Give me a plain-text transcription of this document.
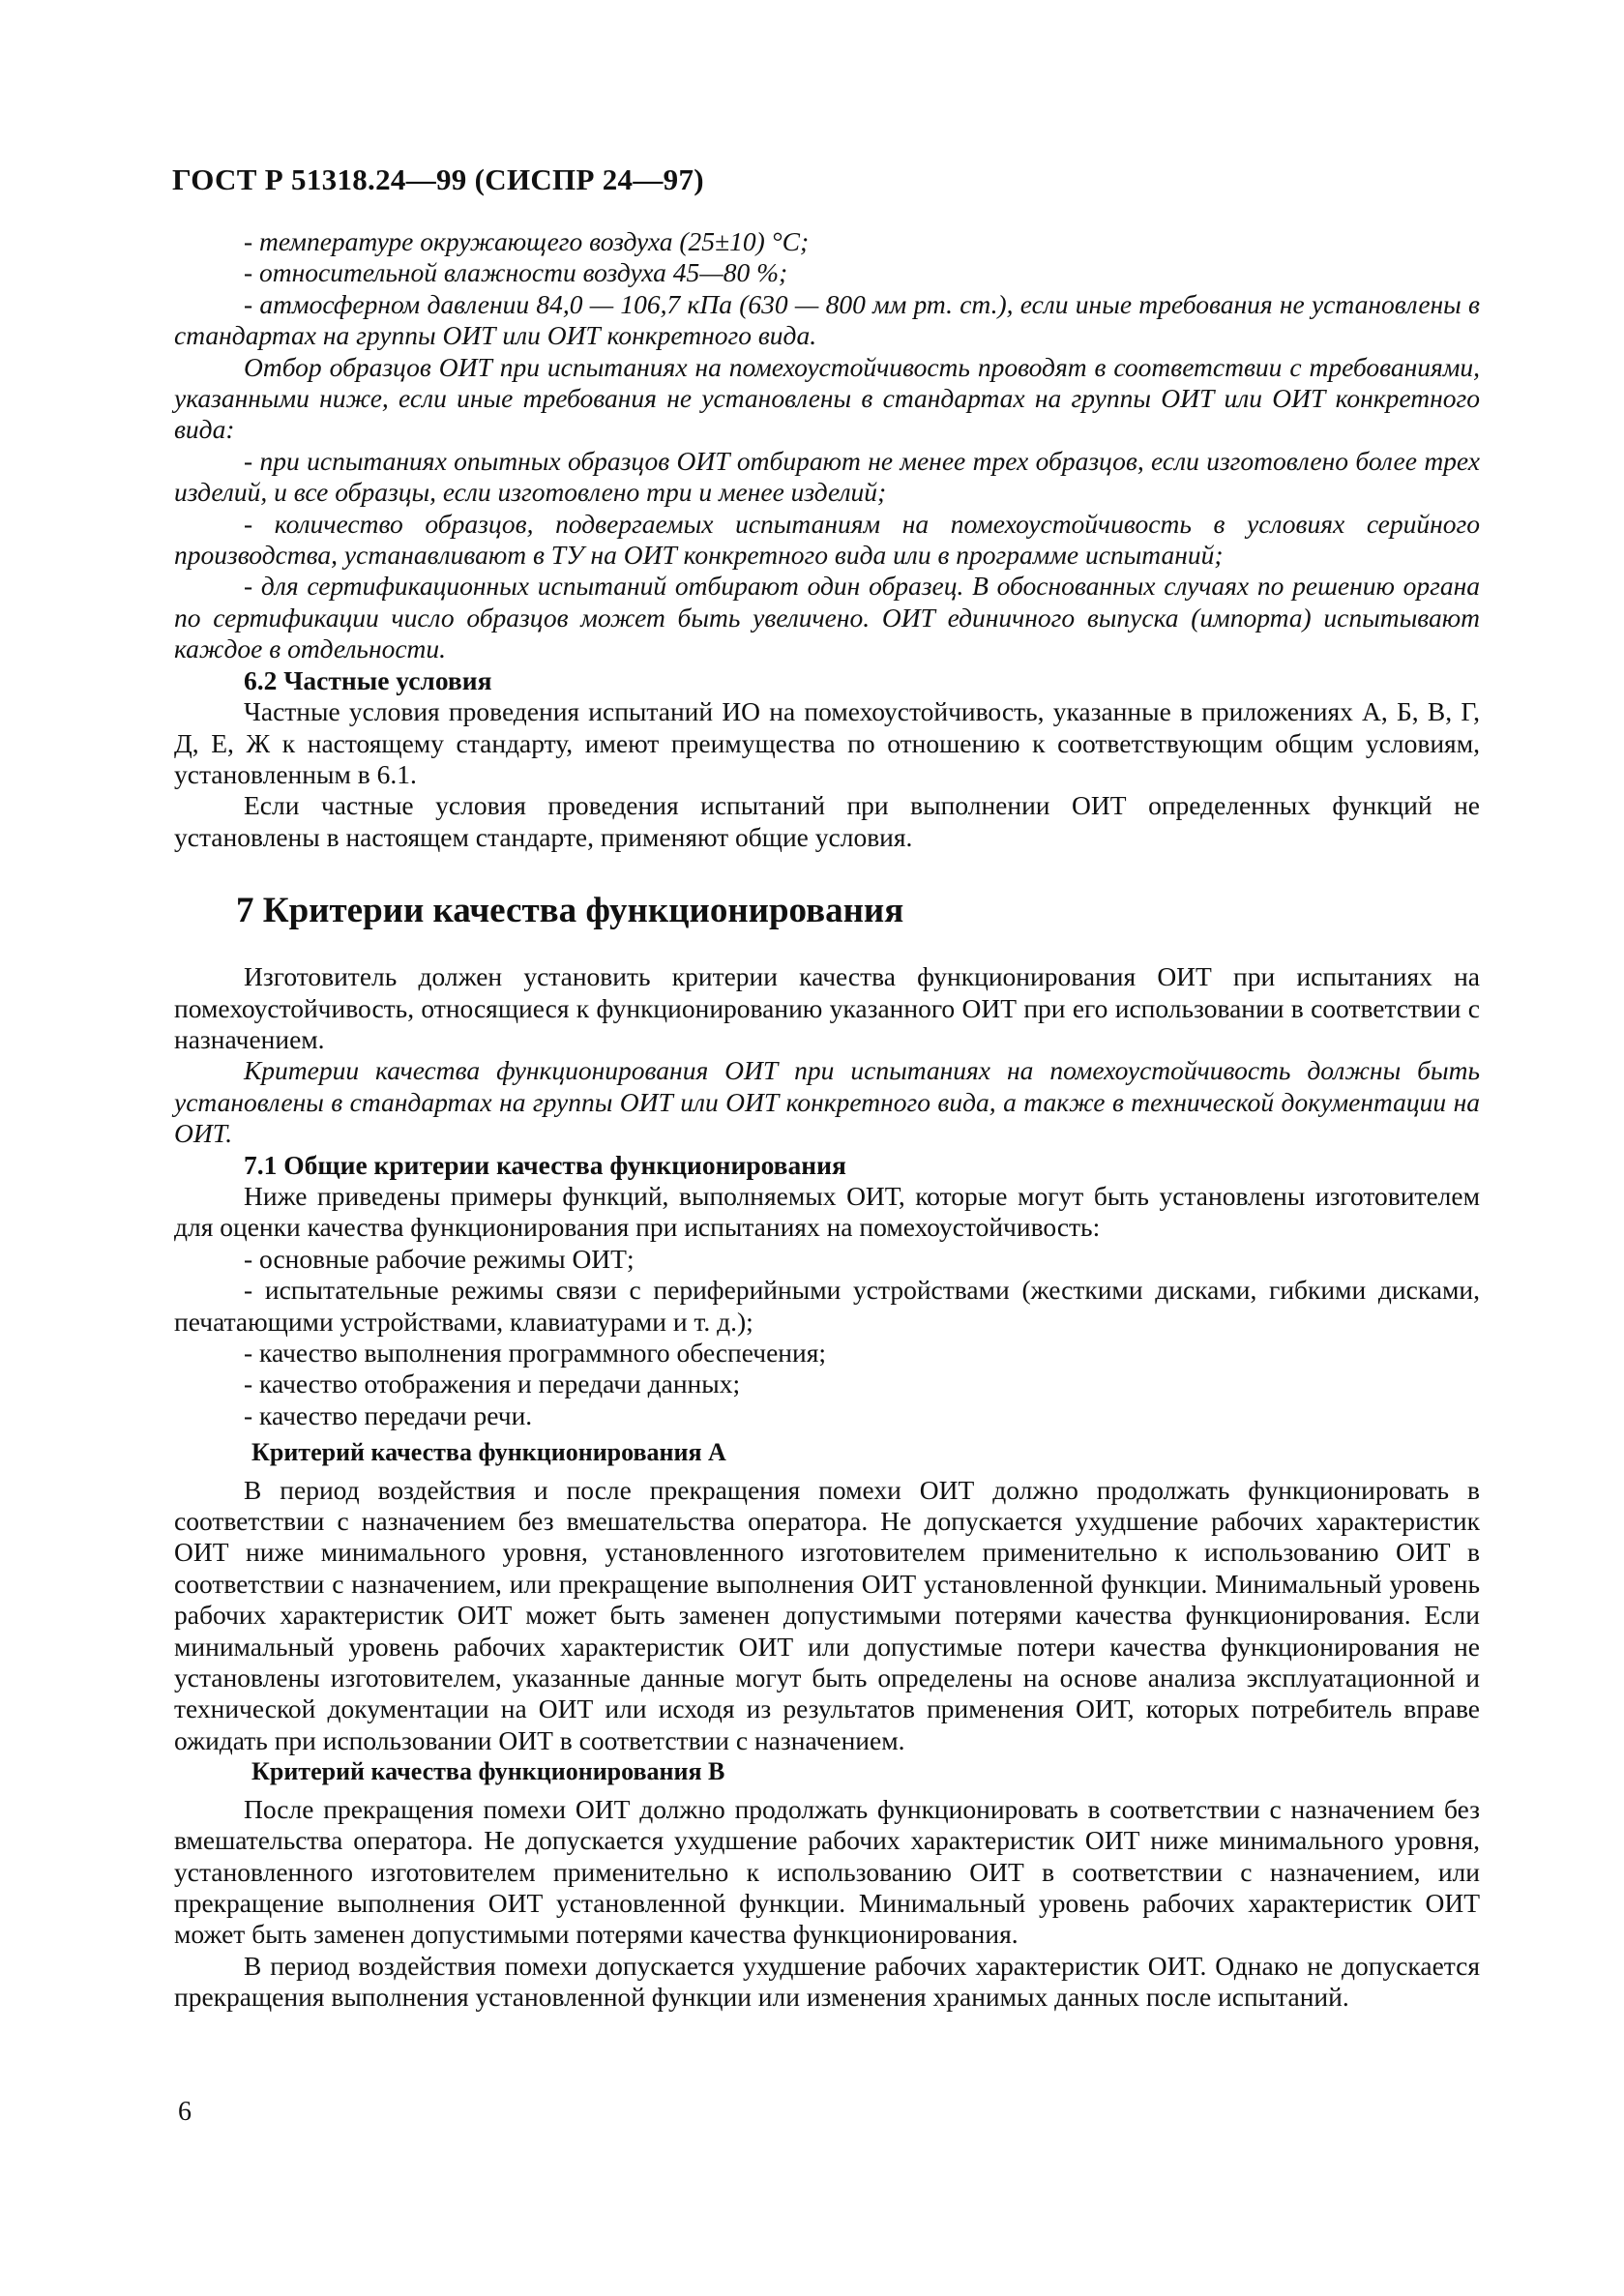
ГОСТ Р 51318.24—99 (СИСПР 24—97)

- температуре окружающего воздуха (25±10) °С;

- относительной влажности воздуха 45—80 %;

- атмосферном давлении 84,0 — 106,7 кПа (630 — 800 мм рт. ст.), если иные требования не установлены в стандартах на группы ОИТ или ОИТ конкретного вида.

Отбор образцов ОИТ при испытаниях на помехоустойчивость проводят в соответствии с требованиями, указанными ниже, если иные требования не установлены в стандартах на группы ОИТ или ОИТ конкретного вида:

- при испытаниях опытных образцов ОИТ отбирают не менее трех образцов, если изготовлено более трех изделий, и все образцы, если изготовлено три и менее изделий;

- количество образцов, подвергаемых испытаниям на помехоустойчивость в условиях серийного производства, устанавливают в ТУ на ОИТ конкретного вида или в программе испытаний;

- для сертификационных испытаний отбирают один образец. В обоснованных случаях по решению органа по сертификации число образцов может быть увеличено. ОИТ единичного выпуска (импорта) испытывают каждое в отдельности.

6.2 Частные условия

Частные условия проведения испытаний ИО на помехоустойчивость, указанные в приложениях А, Б, В, Г, Д, Е, Ж к настоящему стандарту, имеют преимущества по отношению к соответствующим общим условиям, установленным в 6.1.

Если частные условия проведения испытаний при выполнении ОИТ определенных функций не установлены в настоящем стандарте, применяют общие условия.

7 Критерии качества функционирования

Изготовитель должен установить критерии качества функционирования ОИТ при испытаниях на помехоустойчивость, относящиеся к функционированию указанного ОИТ при его использовании в соответствии с назначением.

Критерии качества функционирования ОИТ при испытаниях на помехоустойчивость должны быть установлены в стандартах на группы ОИТ или ОИТ конкретного вида, а также в технической документации на ОИТ.

7.1 Общие критерии качества функционирования

Ниже приведены примеры функций, выполняемых ОИТ, которые могут быть установлены изготовителем для оценки качества функционирования при испытаниях на помехоустойчивость:

- основные рабочие режимы ОИТ;

- испытательные режимы связи с периферийными устройствами (жесткими дисками, гибкими дисками, печатающими устройствами, клавиатурами и т. д.);

- качество выполнения программного обеспечения;

- качество отображения и передачи данных;

- качество передачи речи.

Критерий качества функционирования А

В период воздействия и после прекращения помехи ОИТ должно продолжать функционировать в соответствии с назначением без вмешательства оператора. Не допускается ухудшение рабочих характеристик ОИТ ниже минимального уровня, установленного изготовителем применительно к использованию ОИТ в соответствии с назначением, или прекращение выполнения ОИТ установленной функции. Минимальный уровень рабочих характеристик ОИТ может быть заменен допустимыми потерями качества функционирования. Если минимальный уровень рабочих характеристик ОИТ или допустимые потери качества функционирования не установлены изготовителем, указанные данные могут быть определены на основе анализа эксплуатационной и технической документации на ОИТ или исходя из результатов применения ОИТ, которых потребитель вправе ожидать при использовании ОИТ в соответствии с назначением.

Критерий качества функционирования В

После прекращения помехи ОИТ должно продолжать функционировать в соответствии с назначением без вмешательства оператора. Не допускается ухудшение рабочих характеристик ОИТ ниже минимального уровня, установленного изготовителем применительно к использованию ОИТ в соответствии с назначением, или прекращение выполнения ОИТ установленной функции. Минимальный уровень рабочих характеристик ОИТ может быть заменен допустимыми потерями качества функционирования.

В период воздействия помехи допускается ухудшение рабочих характеристик ОИТ. Однако не допускается прекращения выполнения установленной функции или изменения хранимых данных после испытаний.

6
